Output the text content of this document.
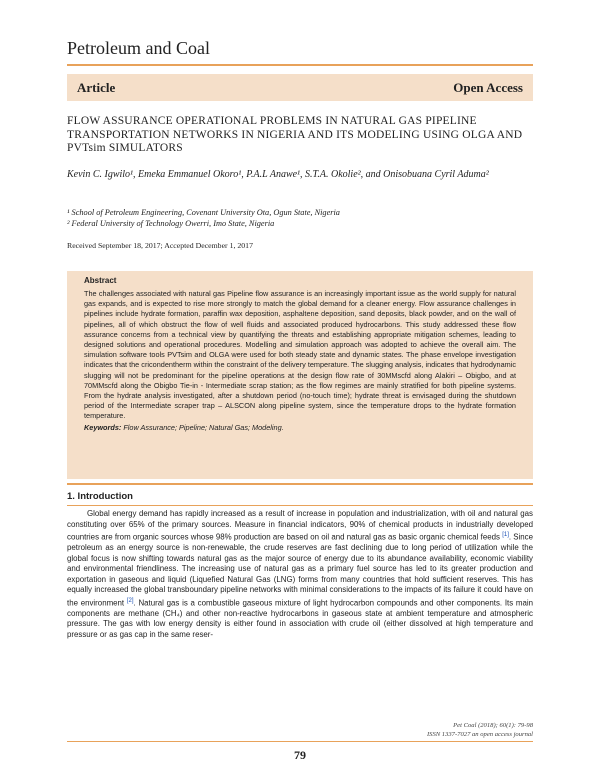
Petroleum and Coal
Article	Open Access
FLOW ASSURANCE OPERATIONAL PROBLEMS IN NATURAL GAS PIPELINE TRANSPORTATION NETWORKS IN NIGERIA AND ITS MODELING USING OLGA AND PVTsim SIMULATORS
Kevin C. Igwilo¹, Emeka Emmanuel Okoro¹, P.A.L Anawe¹, S.T.A. Okolie², and Onisobuana Cyril Aduma²
¹ School of Petroleum Engineering, Covenant University Ota, Ogun State, Nigeria
² Federal University of Technology Owerri, Imo State, Nigeria
Received September 18, 2017; Accepted December 1, 2017
Abstract

The challenges associated with natural gas Pipeline flow assurance is an increasingly important issue as the world supply for natural gas expands, and is expected to rise more strongly to match the global demand for a cleaner energy. Flow assurance challenges in pipelines include hydrate formation, paraffin wax deposition, asphaltene deposition, sand deposits, black powder, and on the wall of pipelines, all of which obstruct the flow of well fluids and associated produced hydrocarbons. This study addressed these flow assurance concerns from a technical view by quantifying the threats and establishing appropriate mitigation schemes, leading to designed solutions and operational procedures. Modelling and simulation approach was adopted to achieve the overall aim. The simulation software tools PVTsim and OLGA were used for both steady state and dynamic states. The phase envelope investigation indicates that the cricondentherm within the constraint of the delivery temperature. The slugging analysis, indicates that hydrodynamic slugging will not be predominant for the pipeline operations at the design flow rate of 30MMscfd along Alakiri – Obigbo, and at 70MMscfd along the Obigbo Tie-in - Intermediate scrap station; as the flow regimes are mainly stratified for both pipeline systems. From the hydrate analysis investigated, after a shutdown period (no-touch time); hydrate threat is envisaged during the shutdown period of the Intermediate scraper trap – ALSCON along pipeline system, since the temperature drops to the hydrate formation temperature.

Keywords: Flow Assurance; Pipeline; Natural Gas; Modeling.
1. Introduction

Global energy demand has rapidly increased as a result of increase in population and industrialization, with oil and natural gas constituting over 65% of the primary sources. Measure in financial indicators, 90% of chemical products in industrially developed countries are from organic sources whose 98% production are based on oil and natural gas as basic organic chemical feeds [1]. Since petroleum as an energy source is non-renewable, the crude reserves are fast declining due to long period of utilization while the global focus is now shifting towards natural gas as the major source of energy due to its abundance availability, economic viability and environmental friendliness. The increasing use of natural gas as a primary fuel source has led to its greater production and exportation in gaseous and liquid (Liquefied Natural Gas (LNG) forms from many countries that hold sufficient reserves. This has equally increased the global transboundary pipeline networks with minimal considerations to the impacts of its failure it could have on the environment [2]. Natural gas is a combustible gaseous mixture of light hydrocarbon compounds and other components. Its main components are methane (CH₄) and other non-reactive hydrocarbons in gaseous state at ambient temperature and atmospheric pressure. The gas with low energy density is either found in association with crude oil (either dissolved at high temperature and pressure or as gas cap in the same reser-

Pet Coal (2018); 60(1): 79-98
ISSN 1337-7027 an open access journal
79
